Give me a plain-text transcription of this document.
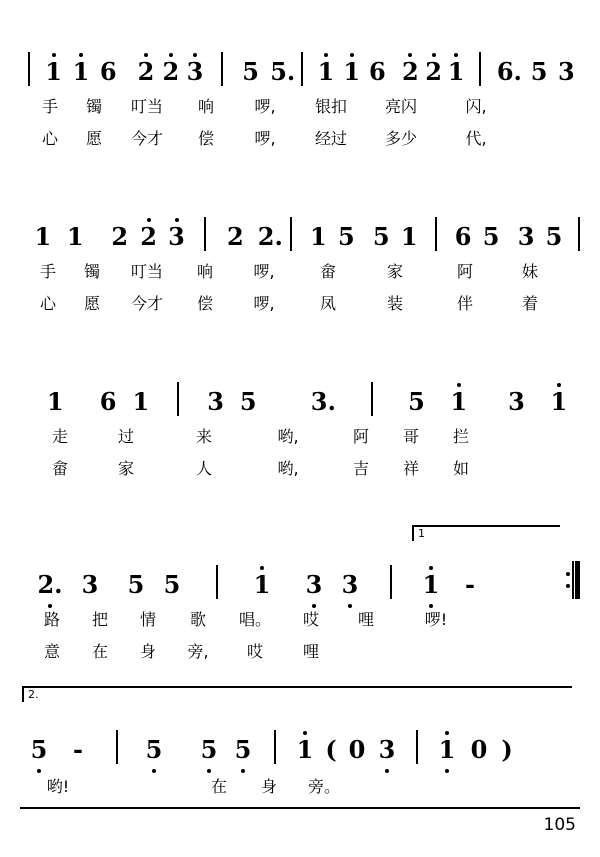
1 1 6 2 2 3 5 5. 1 1 6 2 2 1 6. 5 3
手	镯	叮当	响	啰,	银扣	亮闪	闪,
心	愿	今才	偿	啰,	经过	多少	代,
1 1	2 2 3 2 2.	1 5 5 1 6 5 3 5
手	镯	叮当	响	啰,	畲	家	阿	妹
心	愿	今才	偿	啰,	凤	装	伴	着
1	6 1	3 5	3.	5	1	3	1
走	过	来	哟,	阿	哥	拦
畲	家	人	哟,	吉	祥	如
1
2. 3	5 5	1	3 3	1	-
路	把	情	歌	唱。	哎	哩	啰!
意	在	身	旁,	哎	哩
2.
5	-	5	5 5	1 ( 0 3 1 0 )
哟!	在	身	旁。
105
